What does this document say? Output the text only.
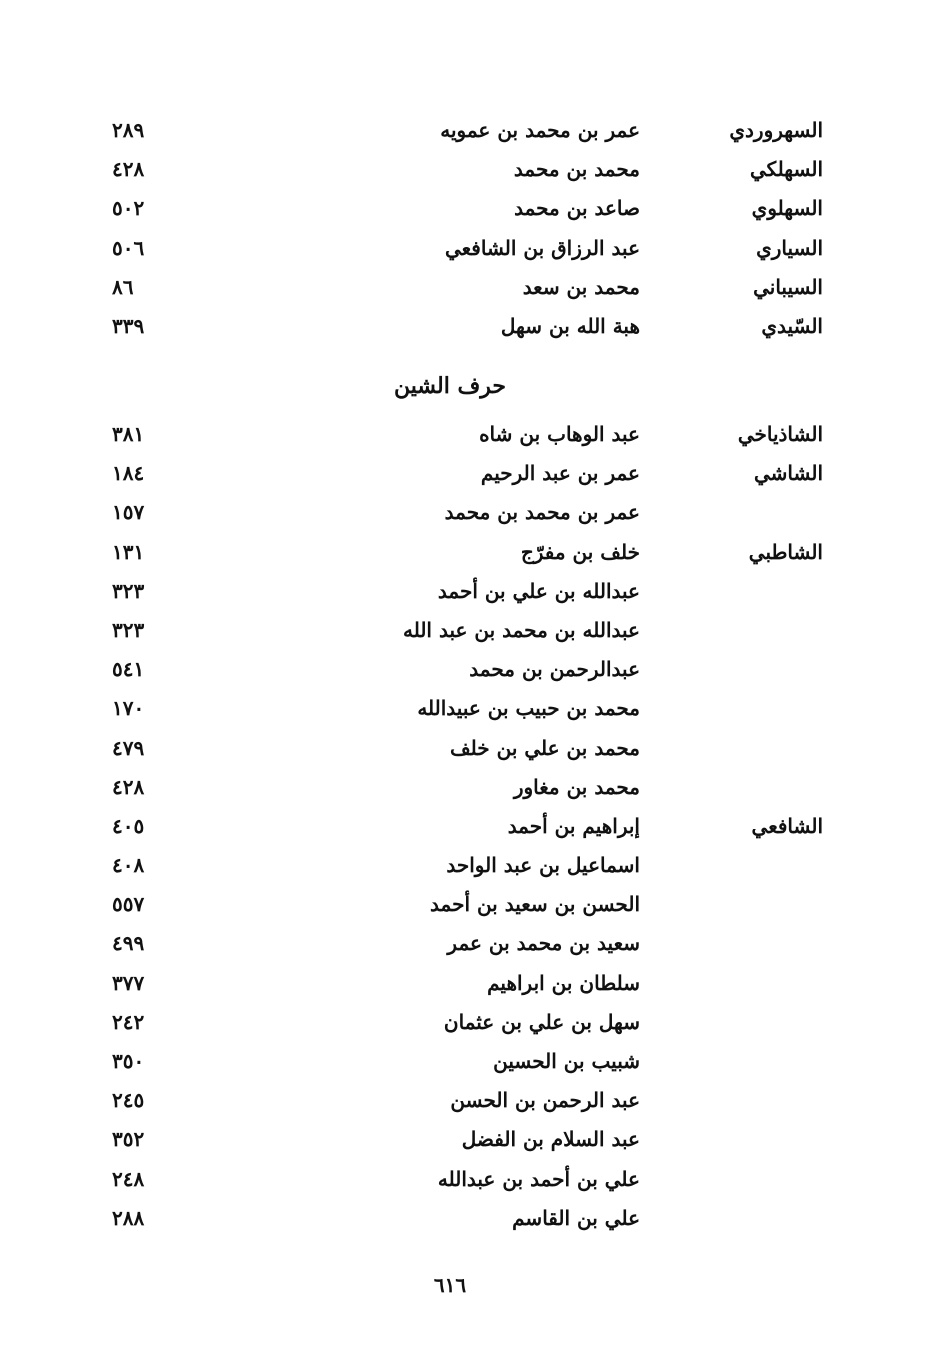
السهروردي
عمر بن محمد بن عمويه
٢٨٩
السهلكي
محمد بن محمد
٤٢٨
السهلوي
صاعد بن محمد
٥٠٢
السياري
عبد الرزاق بن الشافعي
٥٠٦
السيباني
محمد بن سعد
٨٦
السّيدي
هبة الله بن سهل
٣٣٩
حرف الشين
الشاذياخي
عبد الوهاب بن شاه
٣٨١
الشاشي
عمر بن عبد الرحيم
١٨٤
عمر بن محمد بن محمد
١٥٧
الشاطبي
خلف بن مفرّج
١٣١
عبدالله بن علي بن أحمد
٣٢٣
عبدالله بن محمد بن عبد الله
٣٢٣
عبدالرحمن بن محمد
٥٤١
محمد بن حبيب بن عبيدالله
١٧٠
محمد بن علي بن خلف
٤٧٩
محمد بن مغاور
٤٢٨
الشافعي
إبراهيم بن أحمد
٤٠٥
اسماعيل بن عبد الواحد
٤٠٨
الحسن بن سعيد بن أحمد
٥٥٧
سعيد بن محمد بن عمر
٤٩٩
سلطان بن ابراهيم
٣٧٧
سهل بن علي بن عثمان
٢٤٢
شبيب بن الحسين
٣٥٠
عبد الرحمن بن الحسن
٢٤٥
عبد السلام بن الفضل
٣٥٢
علي بن أحمد بن عبدالله
٢٤٨
علي بن القاسم
٢٨٨
٦١٦
